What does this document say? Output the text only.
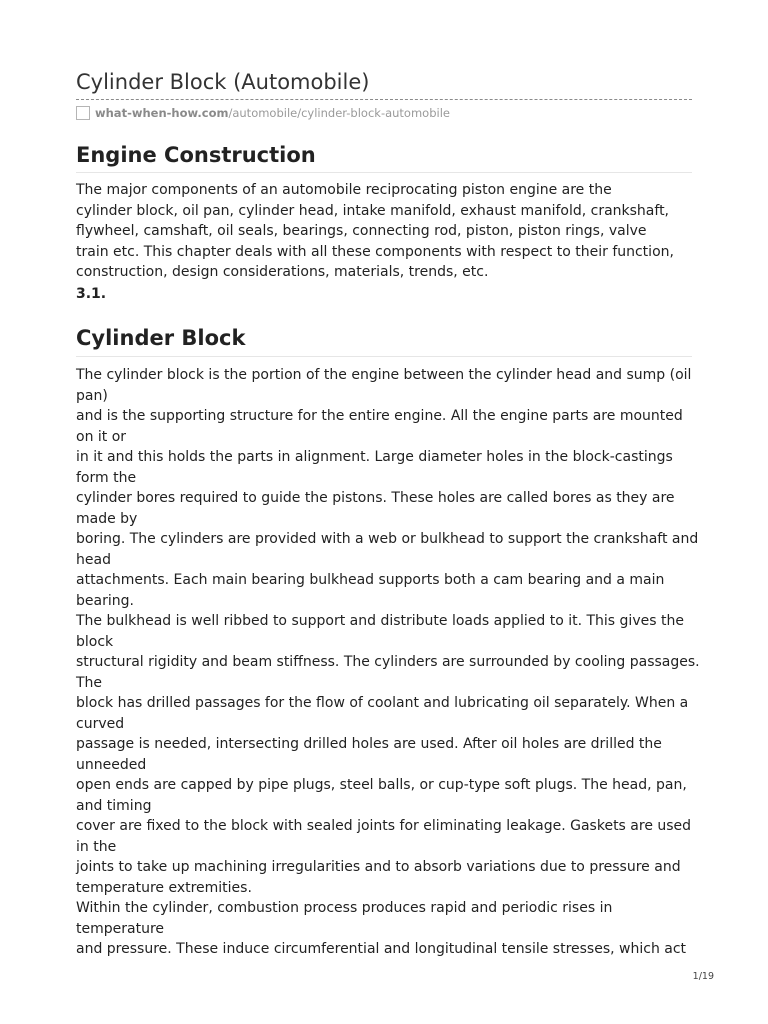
Cylinder Block (Automobile)
what-when-how.com /automobile/cylinder-block-automobile
Engine Construction
The major components of an automobile reciprocating piston engine are the
cylinder block, oil pan, cylinder head, intake manifold, exhaust manifold, crankshaft,
flywheel, camshaft, oil seals, bearings, connecting rod, piston, piston rings, valve
train etc. This chapter deals with all these components with respect to their function,
construction, design considerations, materials, trends, etc.

3.1.

Cylinder Block
The cylinder block is the portion of the engine between the cylinder head and sump (oil
pan)
and is the supporting structure for the entire engine. All the engine parts are mounted
on it or
in it and this holds the parts in alignment. Large diameter holes in the block-castings
form the
cylinder bores required to guide the pistons. These holes are called bores as they are
made by
boring. The cylinders are provided with a web or bulkhead to support the crankshaft and
head
attachments. Each main bearing bulkhead supports both a cam bearing and a main
bearing.
The bulkhead is well ribbed to support and distribute loads applied to it. This gives the
block
structural rigidity and beam stiffness. The cylinders are surrounded by cooling passages.
The
block has drilled passages for the flow of coolant and lubricating oil separately. When a
curved
passage is needed, intersecting drilled holes are used. After oil holes are drilled the
unneeded
open ends are capped by pipe plugs, steel balls, or cup-type soft plugs. The head, pan,
and timing
cover are fixed to the block with sealed joints for eliminating leakage. Gaskets are used
in the
joints to take up machining irregularities and to absorb variations due to pressure and
temperature extremities.
Within the cylinder, combustion process produces rapid and periodic rises in
temperature
and pressure. These induce circumferential and longitudinal tensile stresses, which act
1/19
